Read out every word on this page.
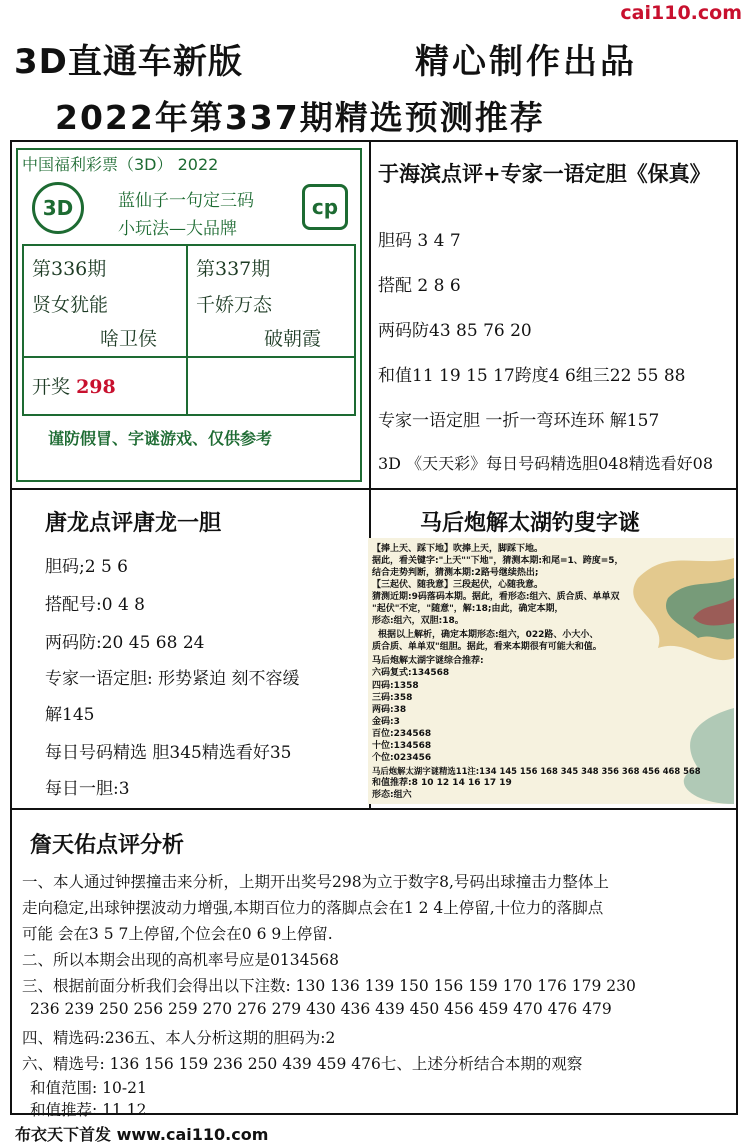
cai110.com
3D直通车新版	精心制作出品
2022年第337期精选预测推荐
中国福利彩票（3D） 2022
3D	cp
蓝仙子一句定三码
小玩法—大品牌
第336期
贤女犹能
啥卫侯
第337期
千娇万态
破朝霞
开奖 298
谨防假冒、字谜游戏、仅供参考
于海滨点评+专家一语定胆《保真》
胆码 3 4 7
搭配 2 8 6
两码防43 85 76 20
和值11 19 15 17跨度4 6组三22 55 88
专家一语定胆 一折一弯环连环 解157
3D 《天天彩》每日号码精选胆048精选看好08
唐龙点评唐龙一胆
胆码;2 5 6
搭配号:0 4 8
两码防:20 45 68 24
专家一语定胆: 形势紧迫 刻不容缓
解145
每日号码精选 胆345精选看好35
每日一胆:3
马后炮解太湖钓叟字谜
【捧上天、踩下地】吹捧上天，脚踩下地。
据此，看关键字:"上天""下地"，猜测本期:和尾=1、跨度=5，
结合走势判断，猜测本期:2路号继续热出;
【三起伏、随我意】三段起伏，心随我意。
猜测近期:9码落码本期。据此，看形态:组六、质合质、单单双
"起伏"不定，"随意"，解:18;由此，确定本期，
形态:组六，双胆:18。
根据以上解析，确定本期形态:组六，022路、小大小、
质合质、单单双"组胆。据此，看来本期很有可能大和值。
马后炮解太湖字谜综合推荐:
六码复式:134568
四码:1358
三码:358
两码:38
金码:3
百位:234568
十位:134568
个位:023456
马后炮解太湖字谜精选11注:134 145 156 168 345 348 356 368 456 468 568
和值推荐:8 10 12 14 16 17 19
形态:组六
詹天佑点评分析
一、本人通过钟摆撞击来分析，上期开出奖号298为立于数字8,号码出球撞击力整体上
走向稳定,出球钟摆波动力增强,本期百位力的落脚点会在1 2 4上停留,十位力的落脚点
可能 会在3 5 7上停留,个位会在0 6 9上停留.
二、所以本期会出现的高机率号应是0134568
三、根据前面分析我们会得出以下注数: 130 136 139 150 156 159 170 176 179 230
236 239 250 256 259 270 276 279 430 436 439 450 456 459 470 476 479
四、精选码:236五、本人分析这期的胆码为:2
六、精选号: 136 156 159 236 250 439 459 476七、上述分析结合本期的观察
和值范围: 10-21
和值推荐: 11 12
布衣天下首发 www.cai110.com
